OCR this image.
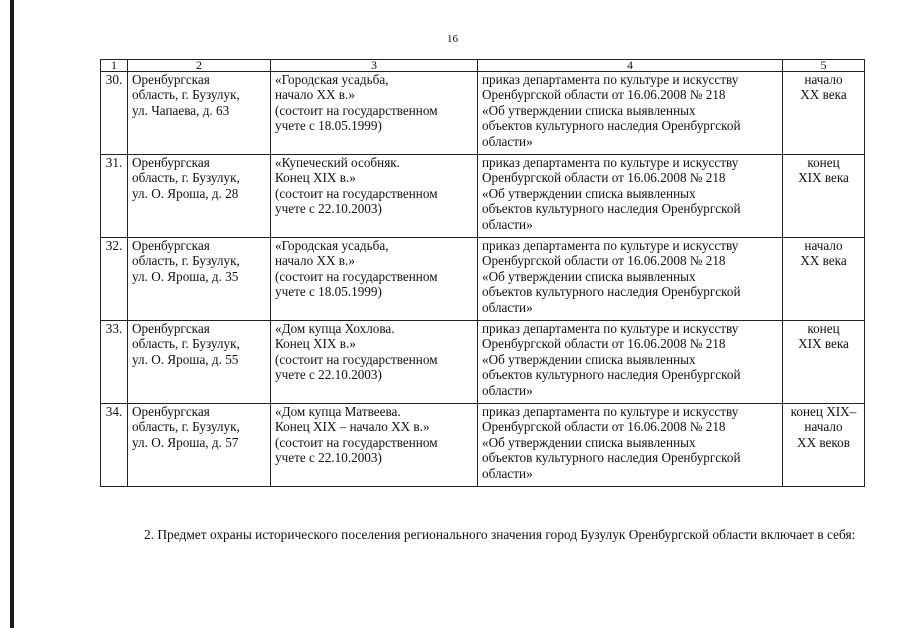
16
1	2	3	4	5
30.	Оренбургская
область, г. Бузулук,
ул. Чапаева, д. 63	«Городская усадьба,
начало XX в.»
(состоит на государственном
учете с 18.05.1999)	приказ департамента по культуре и искусству
Оренбургской области от 16.06.2008 № 218
«Об утверждении списка выявленных
объектов культурного наследия Оренбургской
области»	начало
XX века
31.	Оренбургская
область, г. Бузулук,
ул. О. Яроша, д. 28	«Купеческий особняк.
Конец XIX в.»
(состоит на государственном
учете с 22.10.2003)	приказ департамента по культуре и искусству
Оренбургской области от 16.06.2008 № 218
«Об утверждении списка выявленных
объектов культурного наследия Оренбургской
области»	конец
XIX века
32.	Оренбургская
область, г. Бузулук,
ул. О. Яроша, д. 35	«Городская усадьба,
начало XX в.»
(состоит на государственном
учете с 18.05.1999)	приказ департамента по культуре и искусству
Оренбургской области от 16.06.2008 № 218
«Об утверждении списка выявленных
объектов культурного наследия Оренбургской
области»	начало
XX века
33.	Оренбургская
область, г. Бузулук,
ул. О. Яроша, д. 55	«Дом купца Хохлова.
Конец XIX в.»
(состоит на государственном
учете с 22.10.2003)	приказ департамента по культуре и искусству
Оренбургской области от 16.06.2008 № 218
«Об утверждении списка выявленных
объектов культурного наследия Оренбургской
области»	конец
XIX века
34.	Оренбургская
область, г. Бузулук,
ул. О. Яроша, д. 57	«Дом купца Матвеева.
Конец XIX – начало XX в.»
(состоит на государственном
учете с 22.10.2003)	приказ департамента по культуре и искусству
Оренбургской области от 16.06.2008 № 218
«Об утверждении списка выявленных
объектов культурного наследия Оренбургской
области»	конец XIX–
начало
XX веков

2. Предмет охраны исторического поселения регионального значения город Бузулук Оренбургской области включает в себя:
